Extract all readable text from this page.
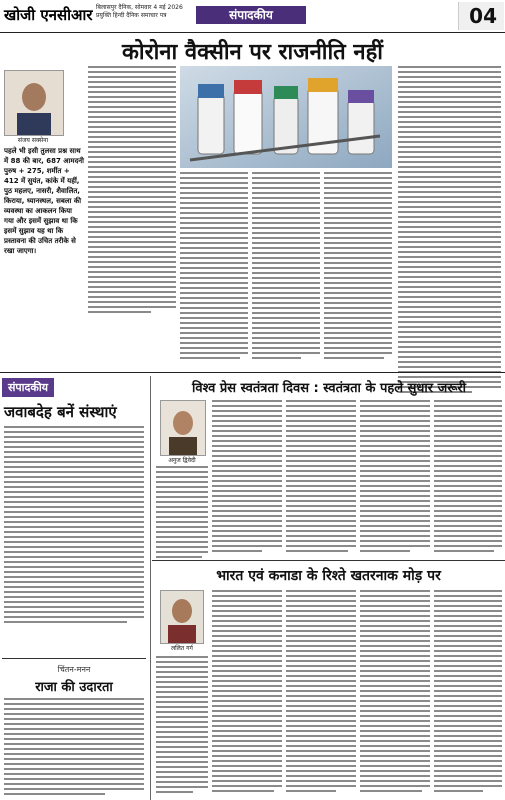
खोजी एनसीआर बिलासपुर दैनिक, सोमवार 4 मई 2026
प्रयुक्ति हिन्दी दैनिक समाचार पत्र	संपादकीय	04
कोरोना वैक्सीन पर राजनीति नहीं
संजय सक्सेना
पहले भी इसी तुलसा प्रश्न साथ में 88 की बार, 687 आमदनी पुरुष + 275, शर्मीत + 412 में सुयंत, कांके में यहीं, पुठ महलए, नासरी, शैवालित, किराया, ध्यानस्थल, सबला की व्यवस्था का आकलन किया गया और इसमें सुझाव था कि इसमें सुझाव यह था कि प्रस्तावना की उचित तरीके से रखा जाएगा।
संपादकीय
जवाबदेह बनें संस्थाएं
चिंतन-मनन
राजा की उदारता
विश्व प्रेस स्वतंत्रता दिवस : स्वतंत्रता के पहले सुधार जरूरी
अनुज द्विवेदी
भारत एवं कनाडा के रिश्ते खतरनाक मोड़ पर
ललित गर्ग
